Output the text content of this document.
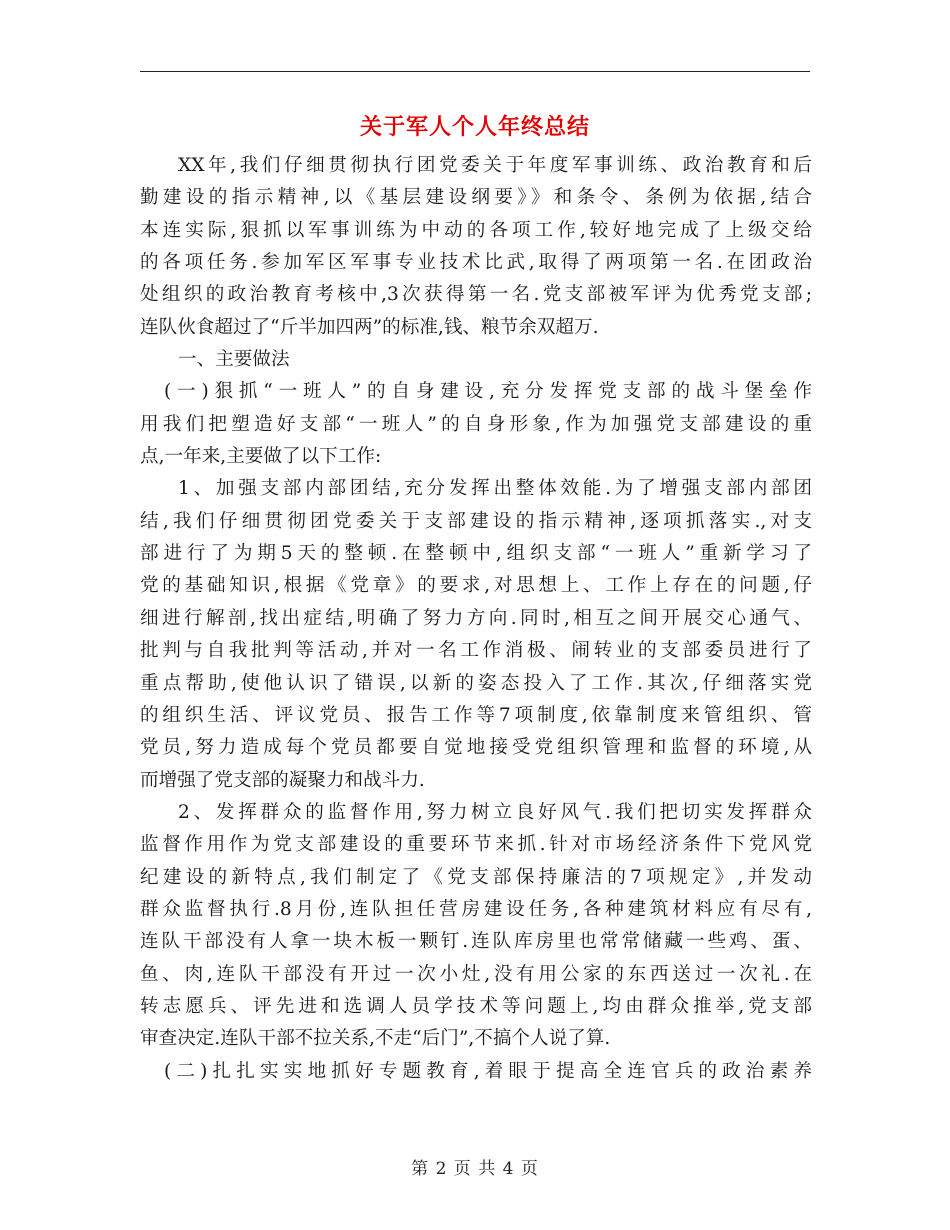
关于军人个人年终总结
XX年,我们仔细贯彻执行团党委关于年度军事训练、政治教育和后
勤建设的指示精神,以《基层建设纲要》》和条令、条例为依据,结合
本连实际,狠抓以军事训练为中动的各项工作,较好地完成了上级交给
的各项任务.参加军区军事专业技术比武,取得了两项第一名.在团政治
处组织的政治教育考核中,3次获得第一名.党支部被军评为优秀党支部;
连队伙食超过了“斤半加四两”的标准,钱、粮节余双超万.
一、主要做法
(一)狠抓“一班人”的自身建设,充分发挥党支部的战斗堡垒作
用我们把塑造好支部“一班人”的自身形象,作为加强党支部建设的重
点,一年来,主要做了以下工作:
1、加强支部内部团结,充分发挥出整体效能.为了增强支部内部团
结,我们仔细贯彻团党委关于支部建设的指示精神,逐项抓落实.,对支
部进行了为期5天的整顿.在整顿中,组织支部“一班人”重新学习了
党的基础知识,根据《党章》的要求,对思想上、工作上存在的问题,仔
细进行解剖,找出症结,明确了努力方向.同时,相互之间开展交心通气、
批判与自我批判等活动,并对一名工作消极、闹转业的支部委员进行了
重点帮助,使他认识了错误,以新的姿态投入了工作.其次,仔细落实党
的组织生活、评议党员、报告工作等7项制度,依靠制度来管组织、管
党员,努力造成每个党员都要自觉地接受党组织管理和监督的环境,从
而增强了党支部的凝聚力和战斗力.
2、发挥群众的监督作用,努力树立良好风气.我们把切实发挥群众
监督作用作为党支部建设的重要环节来抓.针对市场经济条件下党风党
纪建设的新特点,我们制定了《党支部保持廉洁的7项规定》,并发动
群众监督执行.8月份,连队担任营房建设任务,各种建筑材料应有尽有,
连队干部没有人拿一块木板一颗钉.连队库房里也常常储藏一些鸡、蛋、
鱼、肉,连队干部没有开过一次小灶,没有用公家的东西送过一次礼.在
转志愿兵、评先进和选调人员学技术等问题上,均由群众推举,党支部
审查决定.连队干部不拉关系,不走“后门”,不搞个人说了算.
(二)扎扎实实地抓好专题教育,着眼于提高全连官兵的政治素养
第 2 页 共 4 页
